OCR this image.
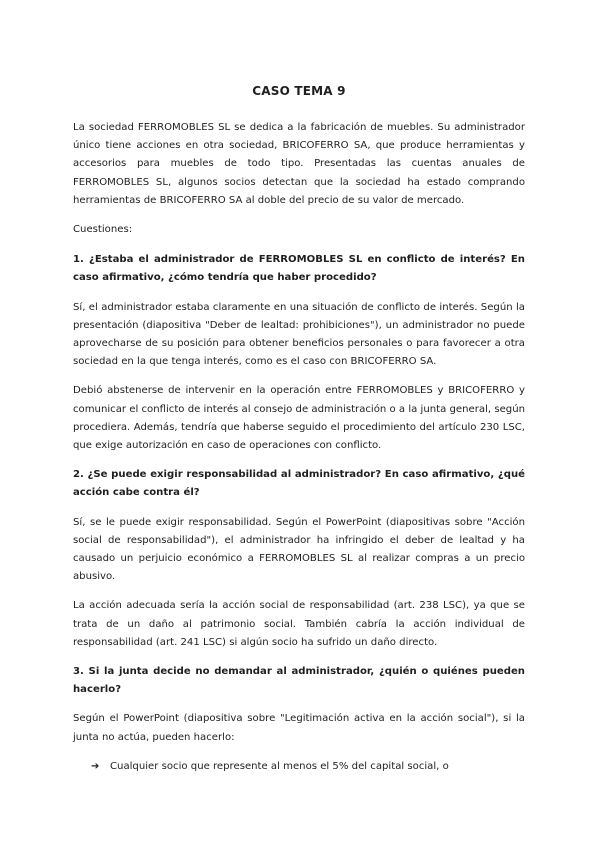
CASO TEMA 9

La sociedad FERROMOBLES SL se dedica a la fabricación de muebles. Su administrador único tiene acciones en otra sociedad, BRICOFERRO SA, que produce herramientas y accesorios para muebles de todo tipo. Presentadas las cuentas anuales de FERROMOBLES SL, algunos socios detectan que la sociedad ha estado comprando herramientas de BRICOFERRO SA al doble del precio de su valor de mercado.

Cuestiones:

1. ¿Estaba el administrador de FERROMOBLES SL en conflicto de interés? En caso afirmativo, ¿cómo tendría que haber procedido?

Sí, el administrador estaba claramente en una situación de conflicto de interés. Según la presentación (diapositiva "Deber de lealtad: prohibiciones"), un administrador no puede aprovecharse de su posición para obtener beneficios personales o para favorecer a otra sociedad en la que tenga interés, como es el caso con BRICOFERRO SA.

Debió abstenerse de intervenir en la operación entre FERROMOBLES y BRICOFERRO y comunicar el conflicto de interés al consejo de administración o a la junta general, según procediera. Además, tendría que haberse seguido el procedimiento del artículo 230 LSC, que exige autorización en caso de operaciones con conflicto.

2. ¿Se puede exigir responsabilidad al administrador? En caso afirmativo, ¿qué acción cabe contra él?

Sí, se le puede exigir responsabilidad. Según el PowerPoint (diapositivas sobre "Acción social de responsabilidad"), el administrador ha infringido el deber de lealtad y ha causado un perjuicio económico a FERROMOBLES SL al realizar compras a un precio abusivo.

La acción adecuada sería la acción social de responsabilidad (art. 238 LSC), ya que se trata de un daño al patrimonio social. También cabría la acción individual de responsabilidad (art. 241 LSC) si algún socio ha sufrido un daño directo.

3. Si la junta decide no demandar al administrador, ¿quién o quiénes pueden hacerlo?

Según el PowerPoint (diapositiva sobre "Legitimación activa en la acción social"), si la junta no actúa, pueden hacerlo:

➔	Cualquier socio que represente al menos el 5% del capital social, o
